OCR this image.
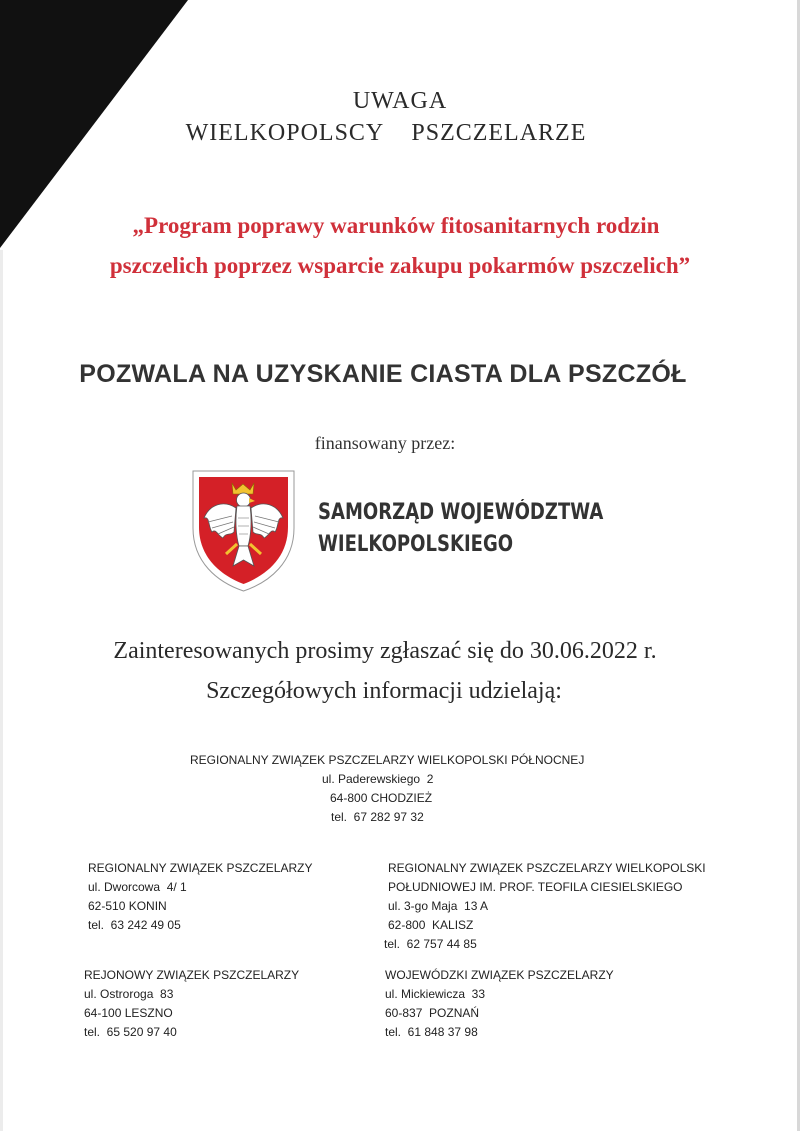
UWAGA
WIELKOPOLSCY    PSZCZELARZE
„Program poprawy warunków fitosanitarnych rodzin
pszczelich poprzez wsparcie zakupu pokarmów pszczelich”
POZWALA NA UZYSKANIE CIASTA DLA PSZCZÓŁ
finansowany przez:
SAMORZĄD WOJEWÓDZTWA
WIELKOPOLSKIEGO
Zainteresowanych prosimy zgłaszać się do 30.06.2022 r.
Szczegółowych informacji udzielają:
REGIONALNY ZWIĄZEK PSZCZELARZY WIELKOPOLSKI PÓŁNOCNEJ
ul. Paderewskiego  2
64-800 CHODZIEŻ
tel.  67 282 97 32
REGIONALNY ZWIĄZEK PSZCZELARZY
ul. Dworcowa  4/ 1
62-510 KONIN
tel.  63 242 49 05
REGIONALNY ZWIĄZEK PSZCZELARZY WIELKOPOLSKI
POŁUDNIOWEJ IM. PROF. TEOFILA CIESIELSKIEGO
ul. 3-go Maja  13 A
62-800  KALISZ
tel.  62 757 44 85
REJONOWY ZWIĄZEK PSZCZELARZY
ul. Ostroroga  83
64-100 LESZNO
tel.  65 520 97 40
WOJEWÓDZKI ZWIĄZEK PSZCZELARZY
ul. Mickiewicza  33
60-837  POZNAŃ
tel.  61 848 37 98
